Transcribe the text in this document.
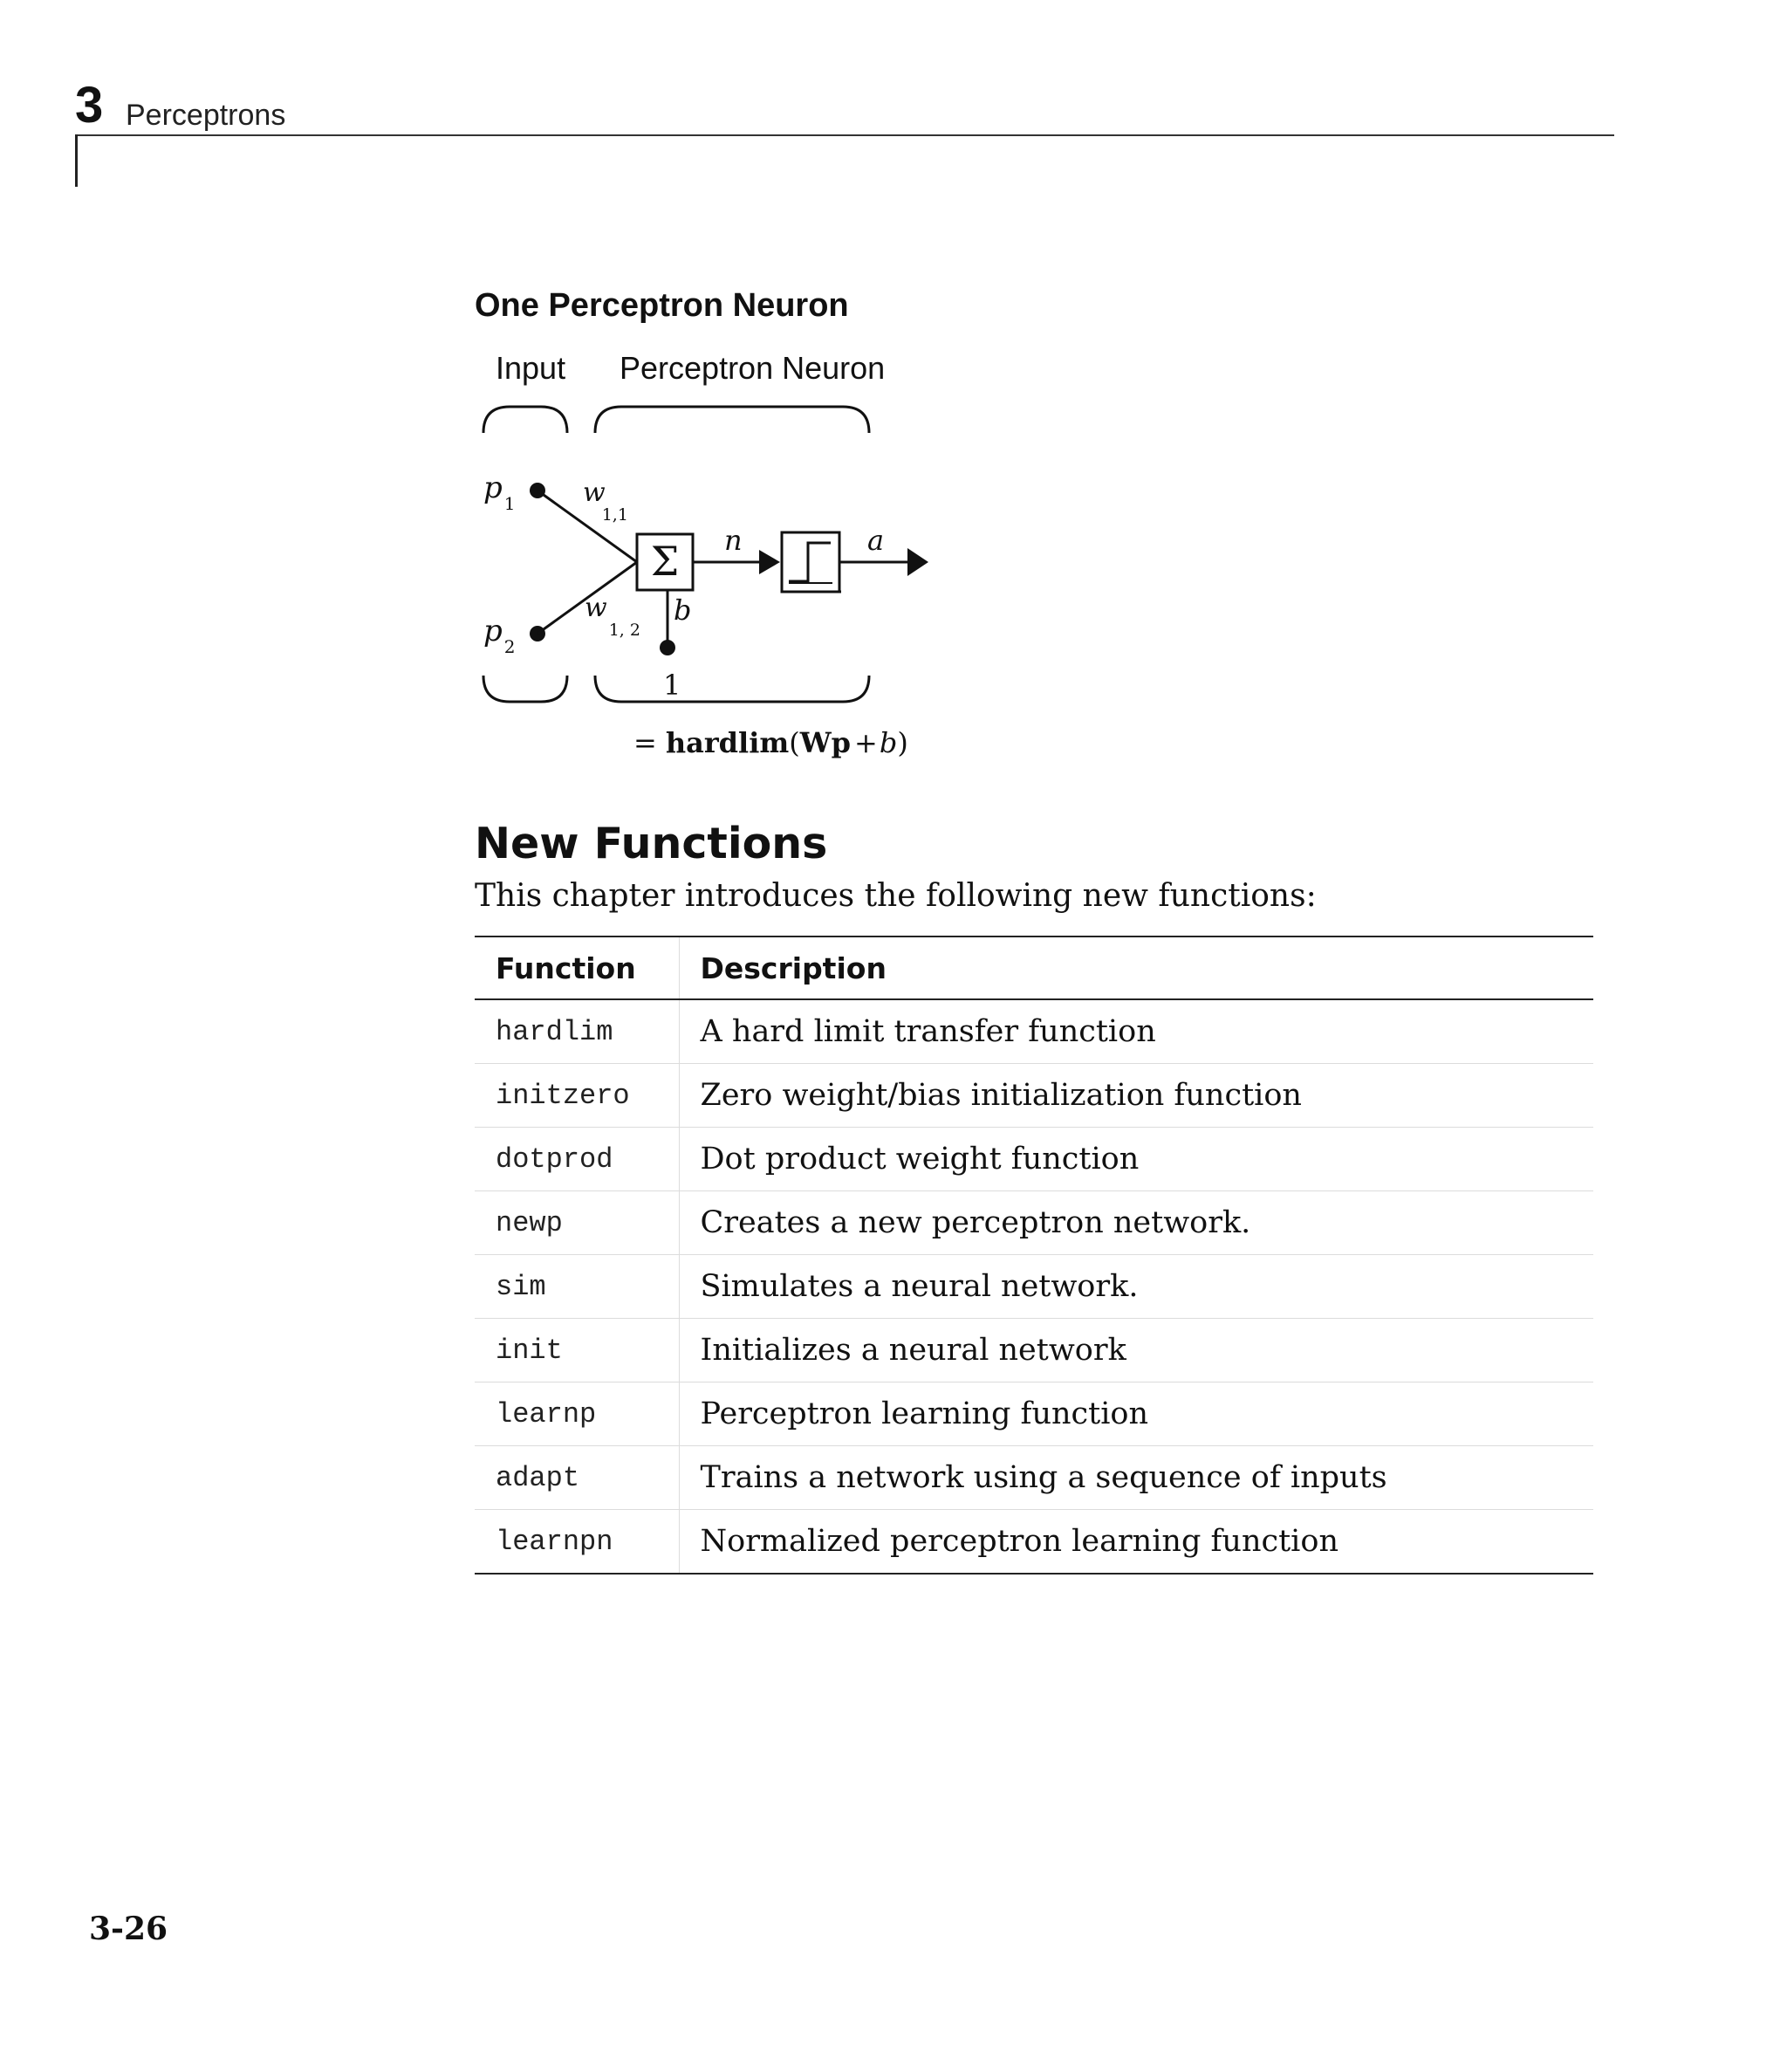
3 Perceptrons
One Perceptron Neuron
Input Perceptron Neuron
p $_1$
p $_2$
w 1,1
$w_{1, 2}$
Σ
b
1
n	a
= hardlim(Wp +b)
New Functions
This chapter introduces the following new functions:
Function	Description
hardlim	A hard limit transfer function
initzero	Zero weight/bias initialization function
dotprod	Dot product weight function
newp	Creates a new perceptron network.
sim	Simulates a neural network.
init	Initializes a neural network
learnp	Perceptron learning function
adapt	Trains a network using a sequence of inputs
learnpn	Normalized perceptron learning function
3-26
